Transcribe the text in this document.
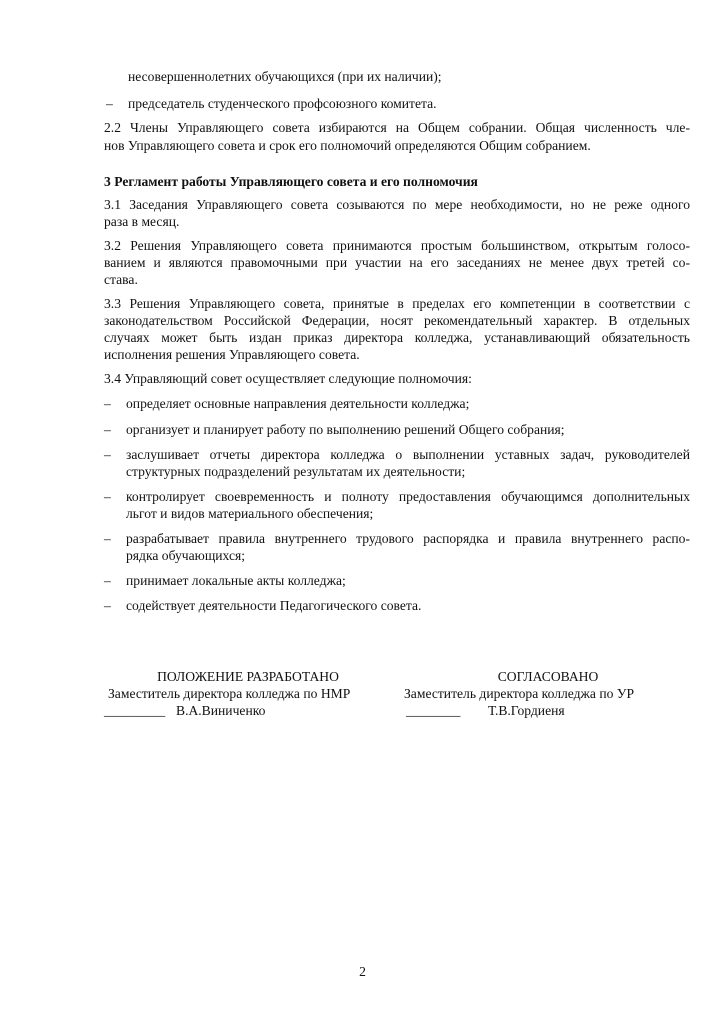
несовершеннолетних обучающихся (при их наличии);
– председатель студенческого профсоюзного комитета.
2.2 Члены Управляющего совета избираются на Общем собрании. Общая численность чле-
нов Управляющего совета и срок его полномочий определяются Общим собранием.
3 Регламент работы Управляющего совета и его полномочия
3.1 Заседания Управляющего совета созываются по мере необходимости, но не реже одного
раза в месяц.
3.2 Решения Управляющего совета принимаются простым большинством, открытым голосо-
ванием и являются правомочными при участии на его заседаниях не менее двух третей со-
става.
3.3 Решения Управляющего совета, принятые в пределах его компетенции в соответствии с
законодательством Российской Федерации, носят рекомендательный характер. В отдельных
случаях может быть издан приказ директора колледжа, устанавливающий обязательность
исполнения решения Управляющего совета.
3.4 Управляющий совет осуществляет следующие полномочия:
– определяет основные направления деятельности колледжа;
– организует и планирует работу по выполнению решений Общего собрания;
– заслушивает отчеты директора колледжа о выполнении уставных задач, руководителей
структурных подразделений результатам их деятельности;
– контролирует своевременность и полноту предоставления обучающимся дополнительных
льгот и видов материального обеспечения;
– разрабатывает правила внутреннего трудового распорядка и правила внутреннего распо-
рядка обучающихся;
– принимает локальные акты колледжа;
– содействует деятельности Педагогического совета.
ПОЛОЖЕНИЕ РАЗРАБОТАНО
Заместитель директора колледжа по НМР
_________ В.А.Виниченко
СОГЛАСОВАНО
Заместитель директора колледжа по УР
________ Т.В.Гордиеня
2
